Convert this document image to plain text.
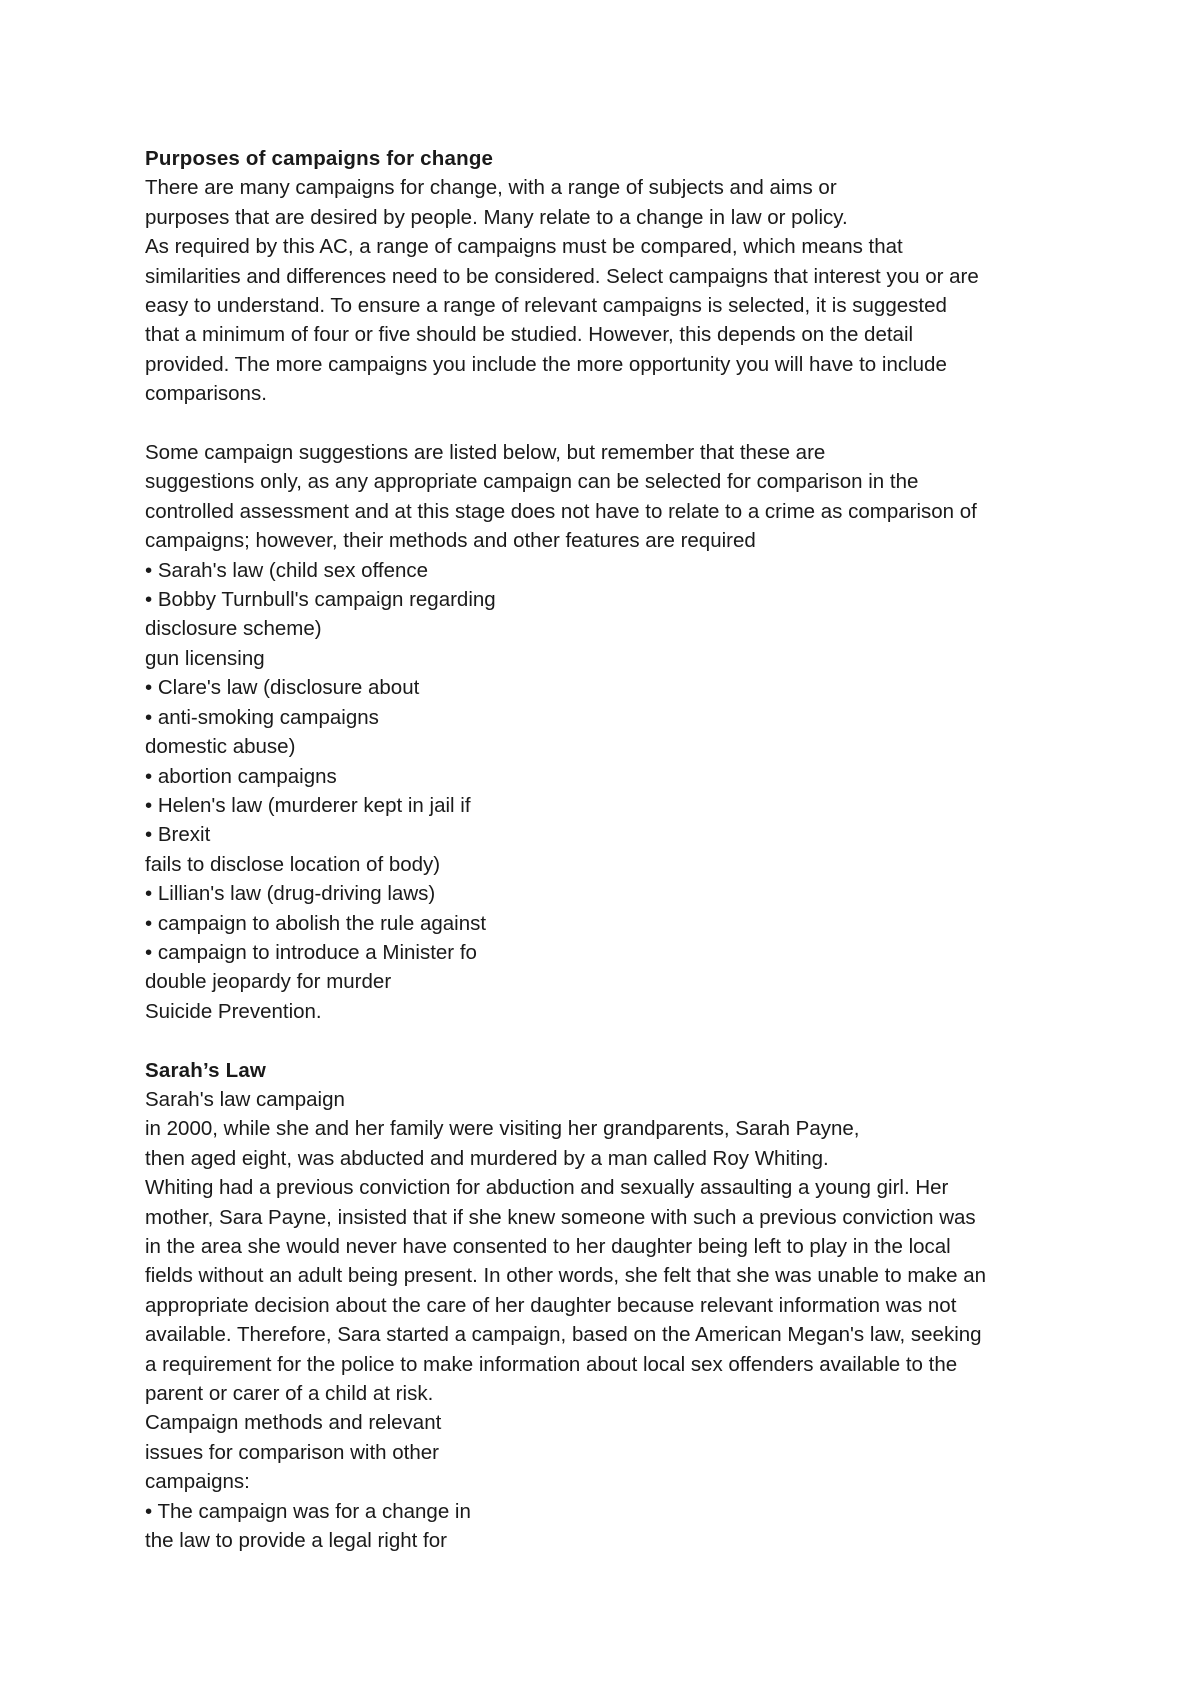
Purposes of campaigns for change
There are many campaigns for change, with a range of subjects and aims or
purposes that are desired by people. Many relate to a change in law or policy.
As required by this AC, a range of campaigns must be compared, which means that
similarities and differences need to be considered. Select campaigns that interest you or are
easy to understand. To ensure a range of relevant campaigns is selected, it is suggested
that a minimum of four or five should be studied. However, this depends on the detail
provided. The more campaigns you include the more opportunity you will have to include
comparisons.
Some campaign suggestions are listed below, but remember that these are
suggestions only, as any appropriate campaign can be selected for comparison in the
controlled assessment and at this stage does not have to relate to a crime as comparison of
campaigns; however, their methods and other features are required
• Sarah's law (child sex offence
• Bobby Turnbull's campaign regarding
disclosure scheme)
gun licensing
• Clare's law (disclosure about
• anti-smoking campaigns
domestic abuse)
• abortion campaigns
• Helen's law (murderer kept in jail if
• Brexit
fails to disclose location of body)
• Lillian's law (drug-driving laws)
• campaign to abolish the rule against
• campaign to introduce a Minister fo
double jeopardy for murder
Suicide Prevention.
Sarah’s Law
Sarah's law campaign
in 2000, while she and her family were visiting her grandparents, Sarah Payne,
then aged eight, was abducted and murdered by a man called Roy Whiting.
Whiting had a previous conviction for abduction and sexually assaulting a young girl. Her
mother, Sara Payne, insisted that if she knew someone with such a previous conviction was
in the area she would never have consented to her daughter being left to play in the local
fields without an adult being present. In other words, she felt that she was unable to make an
appropriate decision about the care of her daughter because relevant information was not
available. Therefore, Sara started a campaign, based on the American Megan's law, seeking
a requirement for the police to make information about local sex offenders available to the
parent or carer of a child at risk.
Campaign methods and relevant
issues for comparison with other
campaigns:
• The campaign was for a change in
the law to provide a legal right for
